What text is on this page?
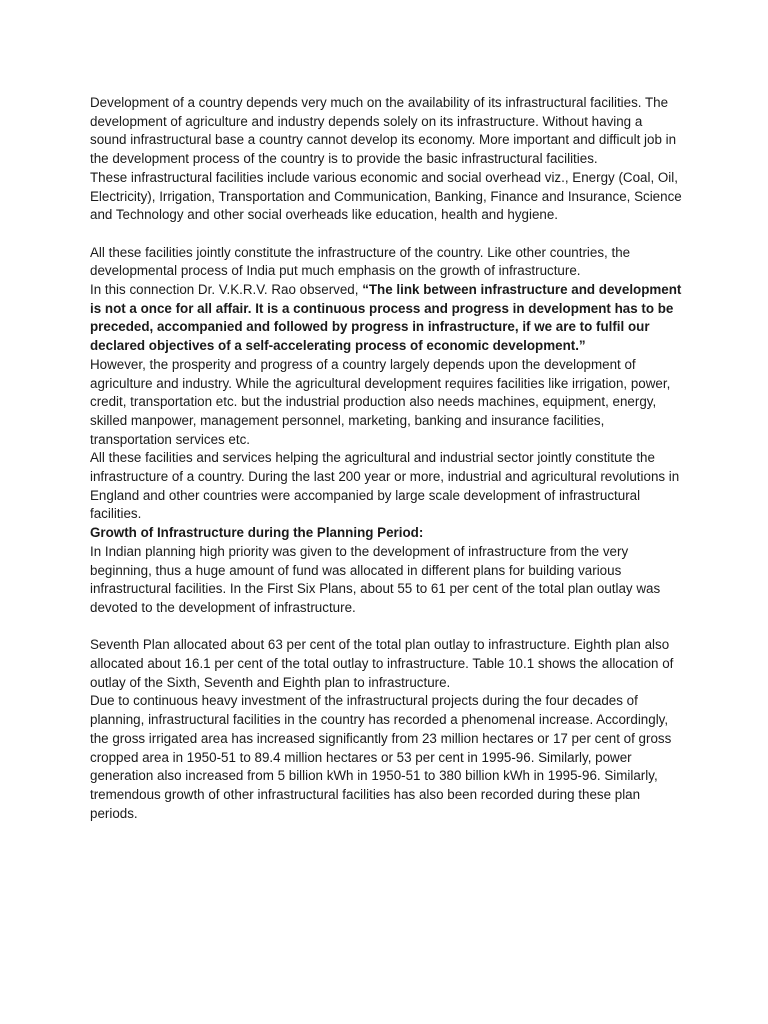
Development of a country depends very much on the availability of its infrastructural facilities. The development of agriculture and industry depends solely on its infrastructure. Without having a sound infrastructural base a country cannot develop its economy. More important and difficult job in the development process of the country is to provide the basic infrastructural facilities.

These infrastructural facilities include various economic and social overhead viz., Energy (Coal, Oil, Electricity), Irrigation, Transportation and Communication, Banking, Finance and Insurance, Science and Technology and other social overheads like education, health and hygiene.

All these facilities jointly constitute the infrastructure of the country. Like other countries, the developmental process of India put much emphasis on the growth of infrastructure.

In this connection Dr. V.K.R.V. Rao observed, “The link between infrastructure and development is not a once for all affair. It is a continuous process and progress in development has to be preceded, accompanied and followed by progress in infrastructure, if we are to fulfil our declared objectives of a self-accelerating process of economic development.”

However, the prosperity and progress of a country largely depends upon the development of agriculture and industry. While the agricultural development requires facilities like irrigation, power, credit, transportation etc. but the industrial production also needs machines, equipment, energy, skilled manpower, management personnel, marketing, banking and insurance facilities, transportation services etc.

All these facilities and services helping the agricultural and industrial sector jointly constitute the infrastructure of a country. During the last 200 year or more, industrial and agricultural revolutions in England and other countries were accompanied by large scale development of infrastructural facilities.

Growth of Infrastructure during the Planning Period:

In Indian planning high priority was given to the development of infrastructure from the very beginning, thus a huge amount of fund was allocated in different plans for building various infrastructural facilities. In the First Six Plans, about 55 to 61 per cent of the total plan outlay was devoted to the development of infrastructure.

Seventh Plan allocated about 63 per cent of the total plan outlay to infrastructure. Eighth plan also allocated about 16.1 per cent of the total outlay to infrastructure. Table 10.1 shows the allocation of outlay of the Sixth, Seventh and Eighth plan to infrastructure.

Due to continuous heavy investment of the infrastructural projects during the four decades of planning, infrastructural facilities in the country has recorded a phenomenal increase. Accordingly, the gross irrigated area has increased significantly from 23 million hectares or 17 per cent of gross cropped area in 1950-51 to 89.4 million hectares or 53 per cent in 1995-96. Similarly, power generation also increased from 5 billion kWh in 1950-51 to 380 billion kWh in 1995-96. Similarly, tremendous growth of other infrastructural facilities has also been recorded during these plan periods.
